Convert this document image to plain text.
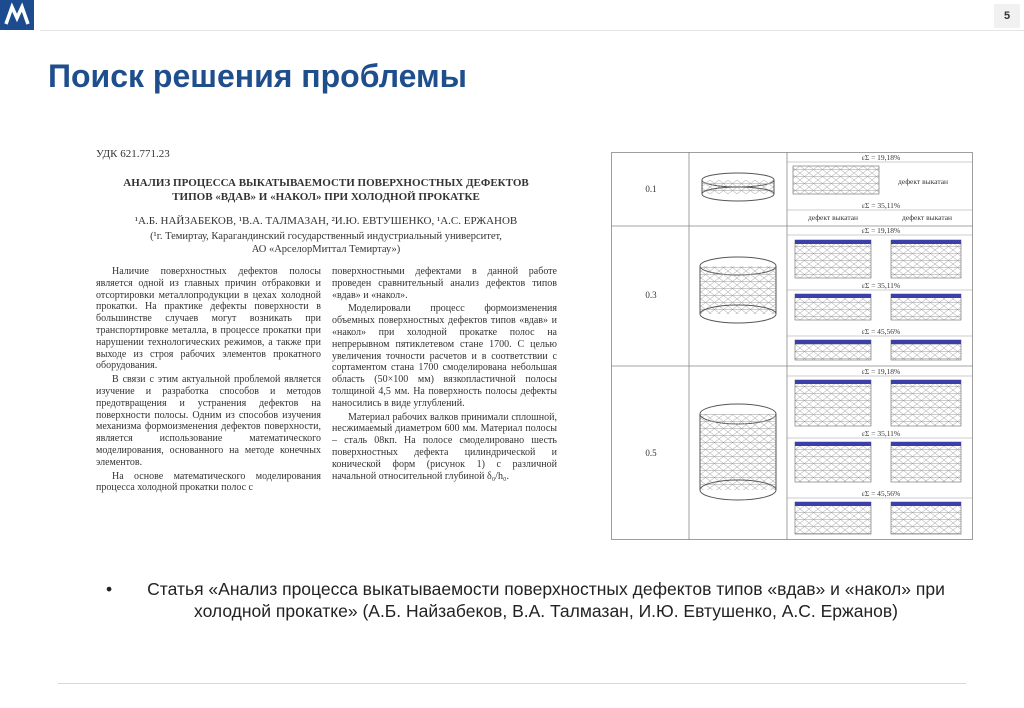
5
Поиск решения проблемы
УДК 621.771.23
АНАЛИЗ ПРОЦЕССА ВЫКАТЫВАЕМОСТИ ПОВЕРХНОСТНЫХ ДЕФЕКТОВ
ТИПОВ «ВДАВ» И «НАКОЛ» ПРИ ХОЛОДНОЙ ПРОКАТКЕ
¹А.Б. НАЙЗАБЕКОВ, ¹В.А. ТАЛМАЗАН, ²И.Ю. ЕВТУШЕНКО, ¹А.С. ЕРЖАНОВ
(¹г. Темиртау, Карагандинский государственный индустриальный университет,
АО «АрселорМиттал Темиртау»)

Наличие поверхностных дефектов полосы является одной из главных причин отбраковки и отсортировки металлопродукции в цехах холодной прокатки. На практике дефекты поверхности в большинстве случаев могут возникать при транспортировке металла, в процессе прокатки при нарушении технологических режимов, а также при выходе из строя рабочих элементов прокатного оборудования.

В связи с этим актуальной проблемой является изучение и разработка способов и методов предотвращения и устранения дефектов на поверхности полосы. Одним из способов изучения механизма формоизменения дефектов поверхности, является использование математического моделирования, основанного на методе конечных элементов.

На основе математического моделирования процесса холодной прокатки полос с

поверхностными дефектами в данной работе проведен сравнительный анализ дефектов типов «вдав» и «накол».

Моделировали процесс формоизменения объемных поверхностных дефектов типов «вдав» и «накол» при холодной прокатке полос на непрерывном пятиклетевом стане 1700. С целью увеличения точности расчетов и в соответствии с сортаментом стана 1700 смоделирована небольшая область (50×100 мм) вязкопластичной полосы толщиной 4,5 мм. На поверхность полосы дефекты наносились в виде углублений.

Материал рабочих валков принимали сплошной, несжимаемый диаметром 600 мм. Материал полосы – сталь 08кп. На полосе смоделировано шесть поверхностных дефекта цилиндрической и конической форм (рисунок 1) с различной начальной относительной глубиной δ₀/h₀.

0.1
0.3
0.5
εΣ = 19,18%
дефект выкатан
εΣ = 35,11%
дефект выкатан	дефект выкатан
εΣ = 19,18%
εΣ = 35,11%
εΣ = 45,56%
εΣ = 19,18%
εΣ = 35,11%
εΣ = 45,56%
•	Статья «Анализ процесса выкатываемости поверхностных дефектов типов «вдав» и «накол» при холодной прокатке» (А.Б. Найзабеков, В.А. Талмазан, И.Ю. Евтушенко, А.С. Ержанов)
